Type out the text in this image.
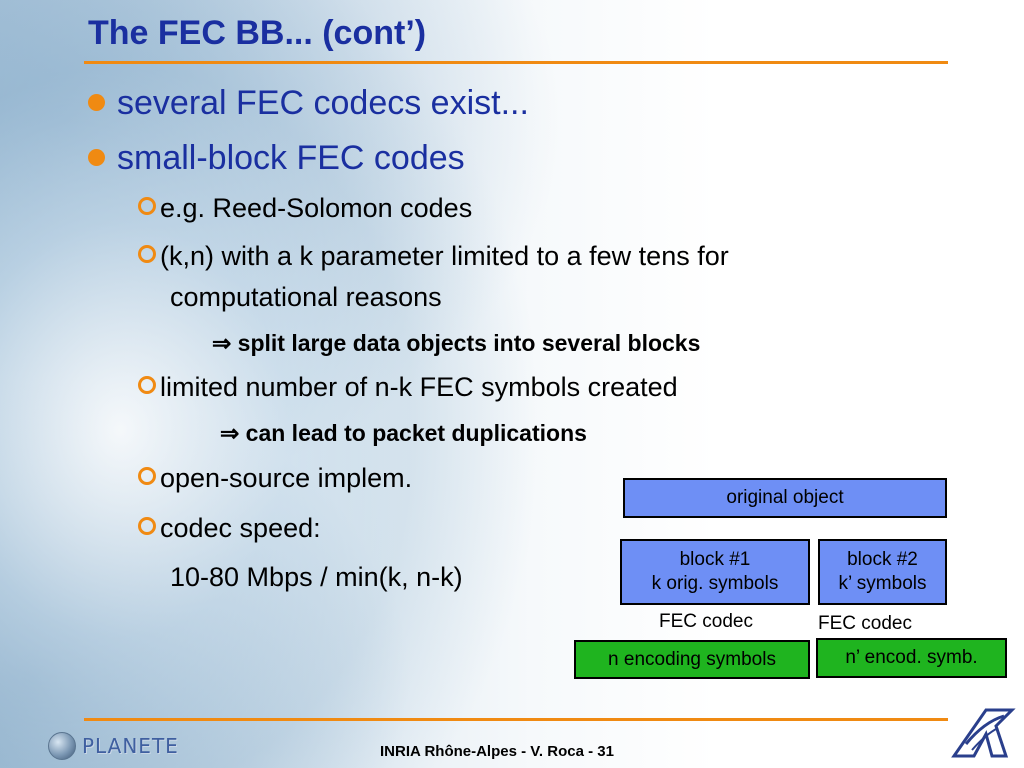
The FEC BB... (cont’)
several FEC codecs exist...
small-block FEC codes
e.g. Reed-Solomon codes
(k,n) with a k parameter limited to a few tens for
computational reasons
⇒ split large data objects into several blocks
limited number of n-k FEC symbols created
⇒ can lead to packet duplications
open-source implem.
codec speed:
10-80 Mbps / min(k, n-k)
original object
block #1
k orig. symbols
block #2
k’ symbols
FEC codec	FEC codec
n encoding symbols	n’ encod. symb.
PLANETE	INRIA Rhône-Alpes - V. Roca - 31
